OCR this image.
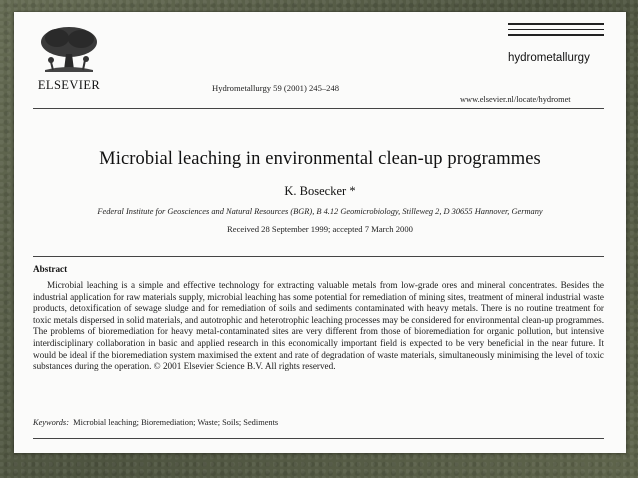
ELSEVIER	Hydrometallurgy 59 (2001) 245–248
hydrometallurgy
www.elsevier.nl/locate/hydromet
Microbial leaching in environmental clean-up programmes
K. Bosecker *
Federal Institute for Geosciences and Natural Resources (BGR), B 4.12 Geomicrobiology, Stilleweg 2, D 30655 Hannover, Germany
Received 28 September 1999; accepted 7 March 2000
Abstract

Microbial leaching is a simple and effective technology for extracting valuable metals from low-grade ores and mineral concentrates. Besides the industrial application for raw materials supply, microbial leaching has some potential for remediation of mining sites, treatment of mineral industrial waste products, detoxification of sewage sludge and for remediation of soils and sediments contaminated with heavy metals. There is no routine treatment for toxic metals dispersed in solid materials, and autotrophic and heterotrophic leaching processes may be considered for environmental clean-up programmes. The problems of bioremediation for heavy metal-contaminated sites are very different from those of bioremediation for organic pollution, but intensive interdisciplinary collaboration in basic and applied research in this economically important field is expected to be very beneficial in the near future. It would be ideal if the bioremediation system maximised the extent and rate of degradation of waste materials, simultaneously minimising the level of toxic substances during the operation. © 2001 Elsevier Science B.V. All rights reserved.

Keywords: Microbial leaching; Bioremediation; Waste; Soils; Sediments
